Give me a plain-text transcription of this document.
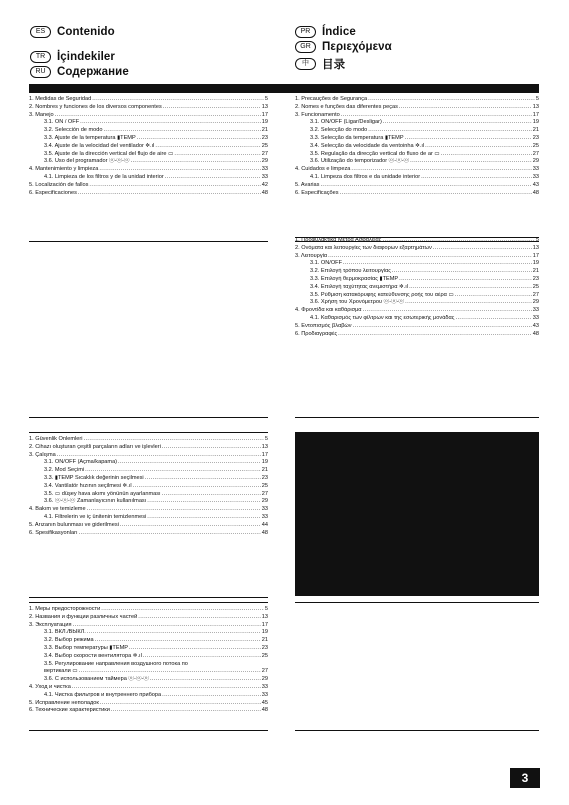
ES	Contenido
TR	İçindekiler
RU Содержание
PR	Índice
GR Περιεχόμενα
中	目录
1. Medidas de Seguridad .....	5
2. Nombres y funciones de los diversos componentes .....	13
3. Manejo .....	17
3.1. ON / OFF .....	19
3.2. Selección de modo .....	21
3.3. Ajuste de la temperatura ▮TEMP .....	23
3.4. Ajuste de la velocidad del ventilador ✲.ıl .....	25
3.5. Ajuste de la dirección vertical del flujo de aire ▭ .....	27
3.6. Uso del programador ⓞ-ⓞ-ⓞ .....	29
4. Mantenimiento y limpieza .....	33
4.1. Limpieza de los filtros y de la unidad interior .....	33
5. Localización de fallos .....	42
6. Especificaciones .....	48
1. Precauções de Segurança .....	5
2. Nomes e funções das diferentes peças .....	13
3. Funcionamento .....	17
3.1. ON/OFF (Ligar/Desligar) .....	19
3.2. Selecção do modo .....	21
3.3. Selecção da temperatura ▮TEMP .....	23
3.4. Selecção da velocidade da ventoinha ✲.ıl .....	25
3.5. Regulação da direcção vertical do fluxo de ar ▭ .....	27
3.6. Utilização do temporizador ⓞ-ⓞ-ⓞ .....	29
4. Cuidados e limpeza .....	33
4.1. Limpeza dos filtros e da unidade interior .....	33
5. Avarias .....	43
6. Especificações .....	48
1. Προφυλακτικά Μέτρα Ασφαλείας .....	5
2. Ονόματα και λειτουργίες των διαφορων εξαρτημάτων .....	13
3. Λειτουργία .....	17
3.1. ON/OFF .....	19
3.2. Επιλογή τρόπου λειτουργίας .....	21
3.3. Επιλογή θερμοκρασίας ▮TEMP .....	23
3.4. Επιλογή ταχύτητας ανεμιστήρα ✲.ıl .....	25
3.5. Ρύθμιση κατακόρυφης κατεύθυνσης ροής του αέρα ▭ .....	27
3.6. Χρήση του Χρονόμετρου ⓞ-ⓞ-ⓞ .....	29
4. Φροντίδα και καθάρισμα .....	33
4.1. Καθαρισμός των φίλτρων και της εσωτερικής μονάδας .....	33
5. Εντοπισμός βλαβών .....	43
6. Προδιαγραφές .....	48
1. Güvenlik Önlemleri .....	5
2. Cihazı oluşturan çeşitli parçaların adları ve işlevleri .....	13
3. Çalışma .....	17
3.1. ON/OFF (Açma/kapama) .....	19
3.2. Mod Seçimi .....	21
3.3. ▮TEMP Sıcaklık değerinin seçilmesi .....	23
3.4. Vantilatör hızının seçilmesi ✲.ıl .....	25
3.5. ▭ düşey hava akımı yönünün ayarlanması .....	27
3.6. ⓞ-ⓞ-ⓞ Zamanlayıcının kullanılması .....	29
4. Bakım ve temizleme .....	33
4.1. Filtrelerin ve iç ünitenin temizlenmesi .....	33
5. Arızanın bulunması ve giderilmesi .....	44
6. Spesifikasyonları .....	48
1. Меры предосторожности .....	5
2. Названия и функции различных частей .....	13
3. Эксплуатация .....	17
3.1. ВКЛ./ВЫКЛ. .....	19
3.2. Выбор режима .....	21
3.3. Выбор температуры ▮TEMP .....	23
3.4. Выбор скорости вентилятора ✲.ıl .....	25
3.5. Регулирование направления воздушного потока по
вертикали ▭ .....	27
3.6. С использованием таймера ⓞ-ⓞ-ⓞ .....	29
4. Уход и чистка .....	33
4.1. Чистка фильтров и внутреннего прибора .....	33
5. Исправление неполадок .....	45
6. Технические характеристики .....	48
3
